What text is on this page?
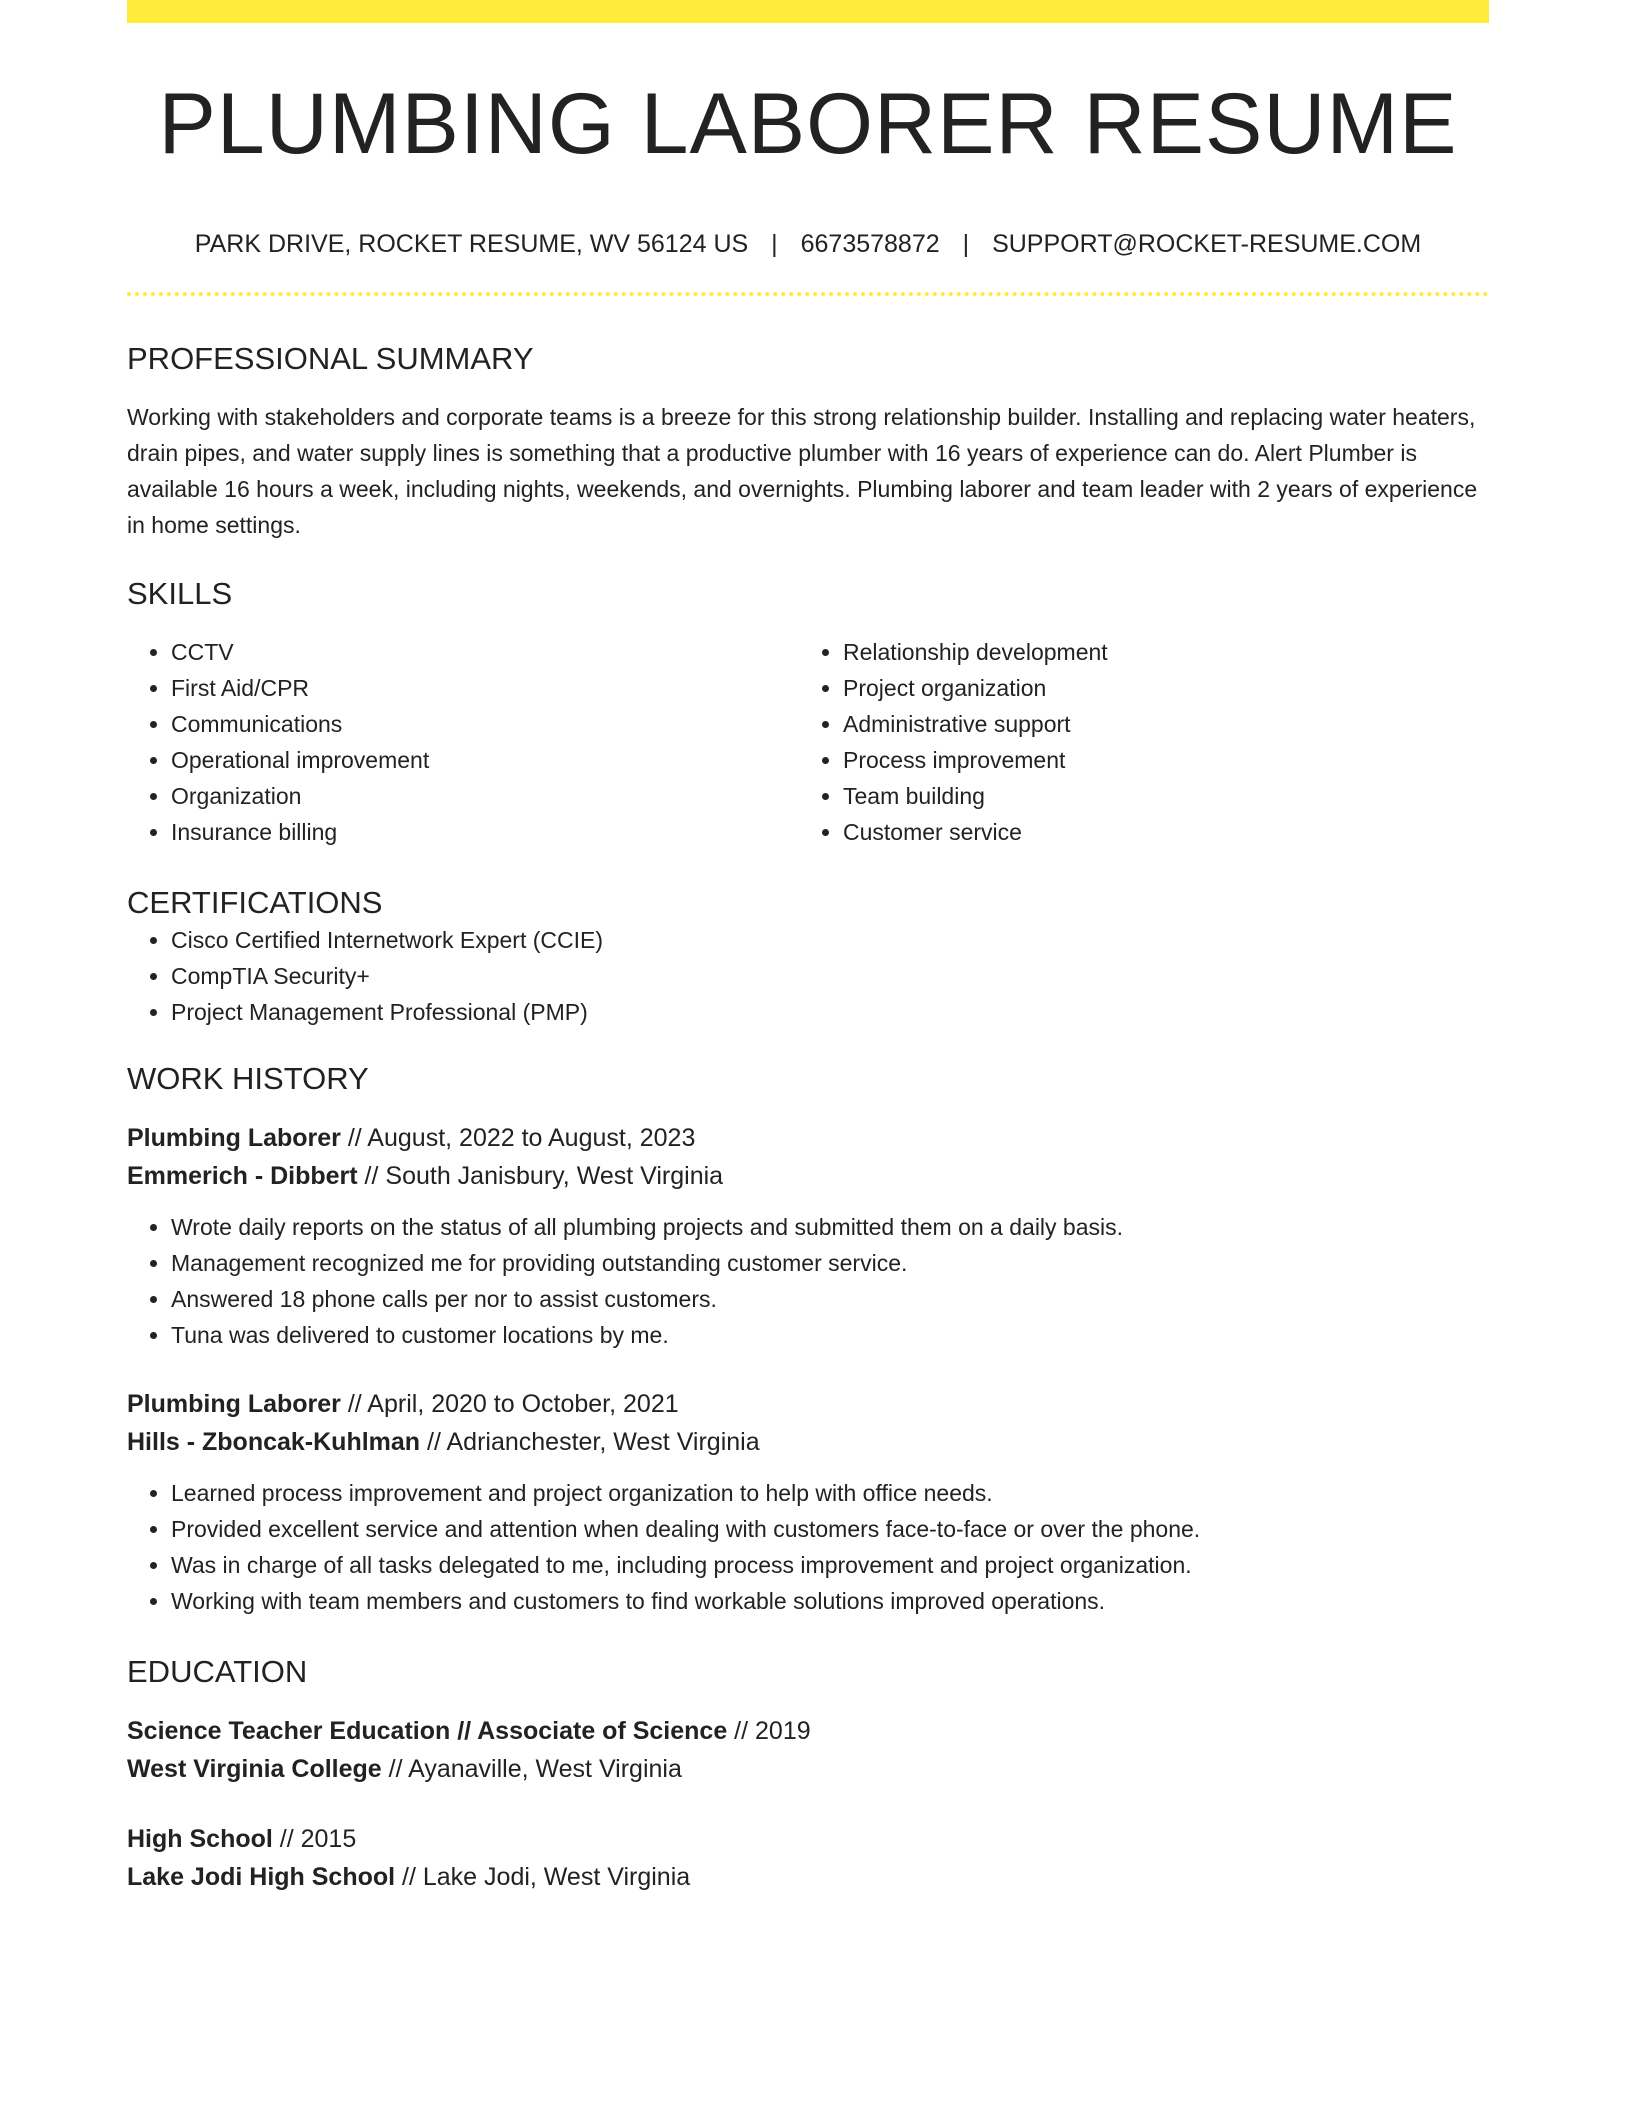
PLUMBING LABORER RESUME
PARK DRIVE, ROCKET RESUME, WV 56124 US | 6673578872 | SUPPORT@ROCKET-RESUME.COM
PROFESSIONAL SUMMARY

Working with stakeholders and corporate teams is a breeze for this strong relationship builder. Installing and replacing water heaters, drain pipes, and water supply lines is something that a productive plumber with 16 years of experience can do. Alert Plumber is available 16 hours a week, including nights, weekends, and overnights. Plumbing laborer and team leader with 2 years of experience in home settings.

SKILLS
• CCTV
• First Aid/CPR
• Communications
• Operational improvement
• Organization
• Insurance billing
• Relationship development
• Project organization
• Administrative support
• Process improvement
• Team building
• Customer service
CERTIFICATIONS
• Cisco Certified Internetwork Expert (CCIE)
• CompTIA Security+
• Project Management Professional (PMP)
WORK HISTORY
Plumbing Laborer // August, 2022 to August, 2023
Emmerich - Dibbert // South Janisbury, West Virginia
• Wrote daily reports on the status of all plumbing projects and submitted them on a daily basis.
• Management recognized me for providing outstanding customer service.
• Answered 18 phone calls per nor to assist customers.
• Tuna was delivered to customer locations by me.
Plumbing Laborer // April, 2020 to October, 2021
Hills - Zboncak-Kuhlman // Adrianchester, West Virginia
• Learned process improvement and project organization to help with office needs.
• Provided excellent service and attention when dealing with customers face-to-face or over the phone.
• Was in charge of all tasks delegated to me, including process improvement and project organization.
• Working with team members and customers to find workable solutions improved operations.
EDUCATION
Science Teacher Education // Associate of Science // 2019
West Virginia College // Ayanaville, West Virginia
High School // 2015
Lake Jodi High School // Lake Jodi, West Virginia
